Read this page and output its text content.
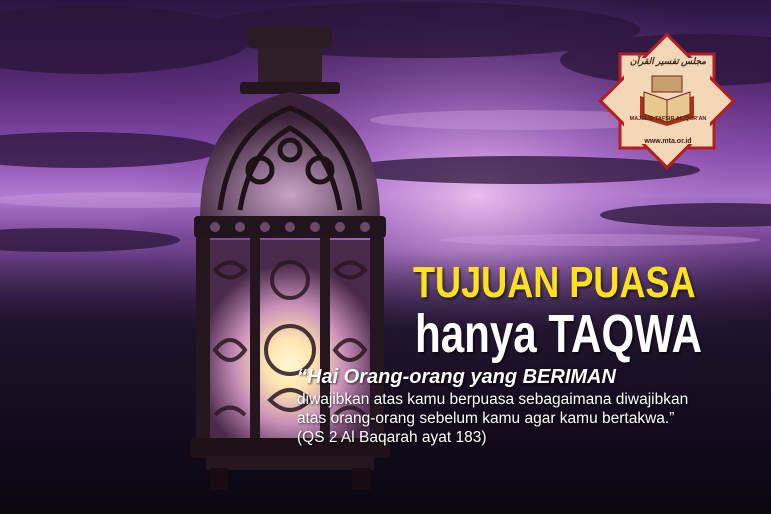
مجلس تفسير القرآن
MAJELIS TAFSIR AL-QUR'AN
www.mta.or.id
TUJUAN PUASA
hanya TAQWA
“Hai Orang-orang yang BERIMAN
diwajibkan atas kamu berpuasa sebagaimana diwajibkan
atas orang-orang sebelum kamu agar kamu bertakwa.”
(QS 2 Al Baqarah ayat 183)
